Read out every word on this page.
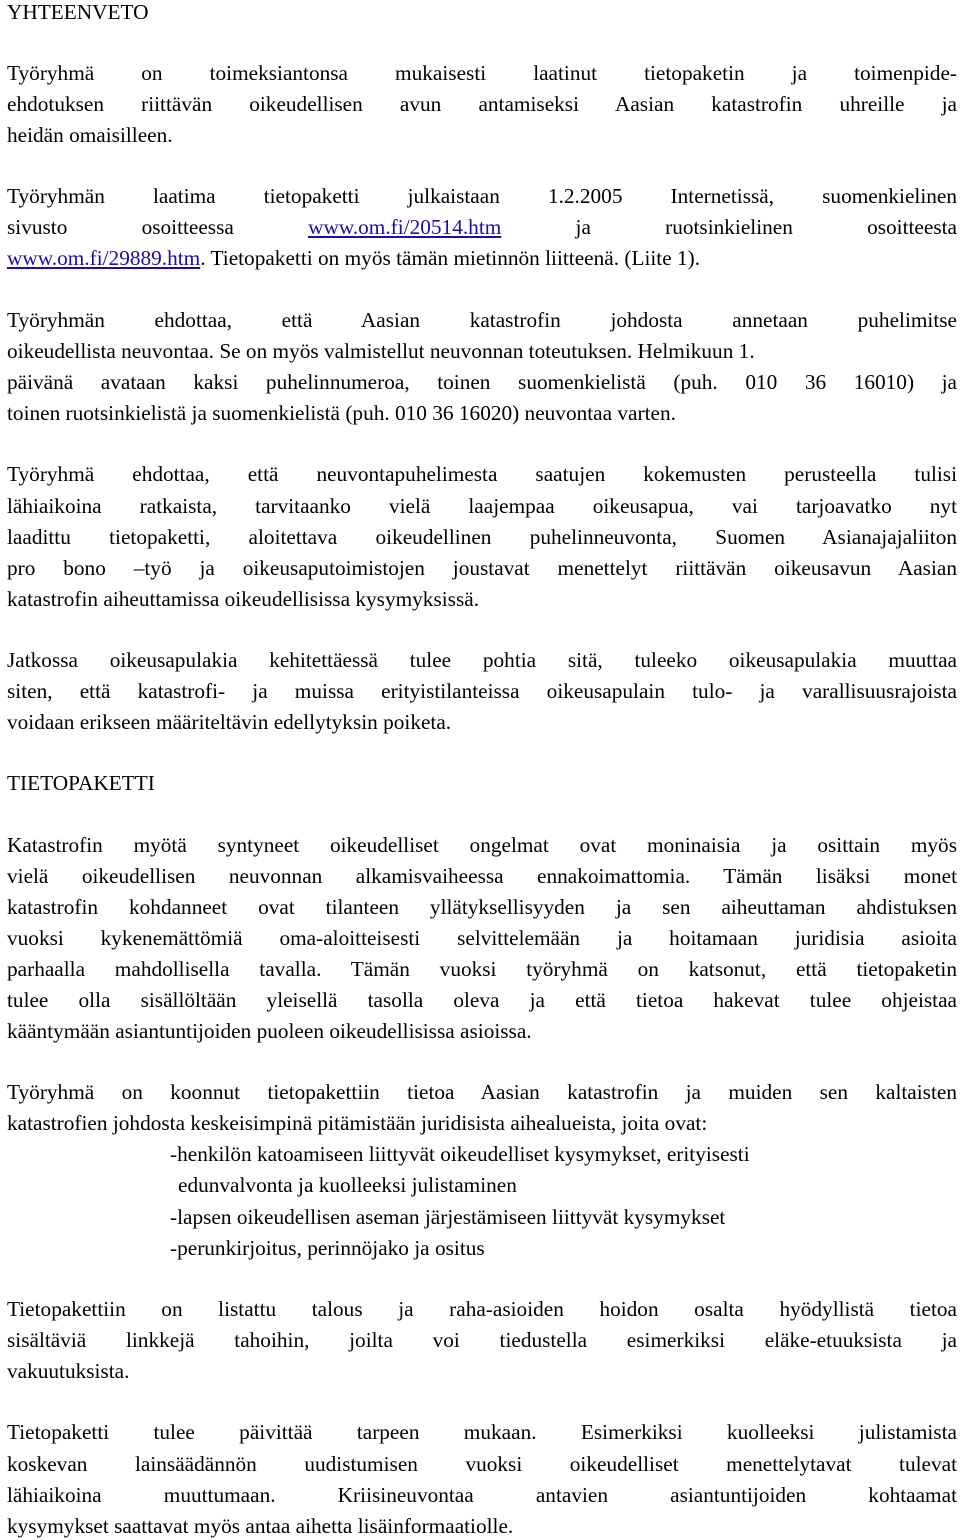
YHTEENVETO
Työryhmä on toimeksiantonsa mukaisesti laatinut tietopaketin ja toimenpide-
ehdotuksen riittävän oikeudellisen avun antamiseksi Aasian katastrofin uhreille ja
heidän omaisilleen.
Työryhmän laatima tietopaketti julkaistaan 1.2.2005 Internetissä, suomenkielinen
sivusto osoitteessa www.om.fi/20514.htm ja ruotsinkielinen osoitteesta
www.om.fi/29889.htm. Tietopaketti on myös tämän mietinnön liitteenä. (Liite 1).
Työryhmän ehdottaa, että Aasian katastrofin johdosta annetaan puhelimitse
oikeudellista neuvontaa. Se on myös valmistellut neuvonnan toteutuksen. Helmikuun 1.
päivänä avataan kaksi puhelinnumeroa, toinen suomenkielistä (puh. 010 36 16010) ja
toinen ruotsinkielistä ja suomenkielistä (puh. 010 36 16020) neuvontaa varten.
Työryhmä ehdottaa, että neuvontapuhelimesta saatujen kokemusten perusteella tulisi
lähiaikoina ratkaista, tarvitaanko vielä laajempaa oikeusapua, vai tarjoavatko nyt
laadittu tietopaketti, aloitettava oikeudellinen puhelinneuvonta, Suomen Asianajajaliiton
pro bono –työ ja oikeusaputoimistojen joustavat menettelyt riittävän oikeusavun Aasian
katastrofin aiheuttamissa oikeudellisissa kysymyksissä.
Jatkossa oikeusapulakia kehitettäessä tulee pohtia sitä, tuleeko oikeusapulakia muuttaa
siten, että katastrofi- ja muissa erityistilanteissa oikeusapulain tulo- ja varallisuusrajoista
voidaan erikseen määriteltävin edellytyksin poiketa.
TIETOPAKETTI
Katastrofin myötä syntyneet oikeudelliset ongelmat ovat moninaisia ja osittain myös
vielä oikeudellisen neuvonnan alkamisvaiheessa ennakoimattomia. Tämän lisäksi monet
katastrofin kohdanneet ovat tilanteen yllätyksellisyyden ja sen aiheuttaman ahdistuksen
vuoksi kykenemättömiä oma-aloitteisesti selvittelemään ja hoitamaan juridisia asioita
parhaalla mahdollisella tavalla. Tämän vuoksi työryhmä on katsonut, että tietopaketin
tulee olla sisällöltään yleisellä tasolla oleva ja että tietoa hakevat tulee ohjeistaa
kääntymään asiantuntijoiden puoleen oikeudellisissa asioissa.
Työryhmä on koonnut tietopakettiin tietoa Aasian katastrofin ja muiden sen kaltaisten
katastrofien johdosta keskeisimpinä pitämistään juridisista aihealueista, joita ovat:
-henkilön katoamiseen liittyvät oikeudelliset kysymykset, erityisesti
edunvalvonta ja kuolleeksi julistaminen
-lapsen oikeudellisen aseman järjestämiseen liittyvät kysymykset
-perunkirjoitus, perinnöjako ja ositus
Tietopakettiin on listattu talous ja raha-asioiden hoidon osalta hyödyllistä tietoa
sisältäviä linkkejä tahoihin, joilta voi tiedustella esimerkiksi eläke-etuuksista ja
vakuutuksista.
Tietopaketti tulee päivittää tarpeen mukaan. Esimerkiksi kuolleeksi julistamista
koskevan lainsäädännön uudistumisen vuoksi oikeudelliset menettelytavat tulevat
lähiaikoina muuttumaan. Kriisineuvontaa antavien asiantuntijoiden kohtaamat
kysymykset saattavat myös antaa aihetta lisäinformaatiolle.
